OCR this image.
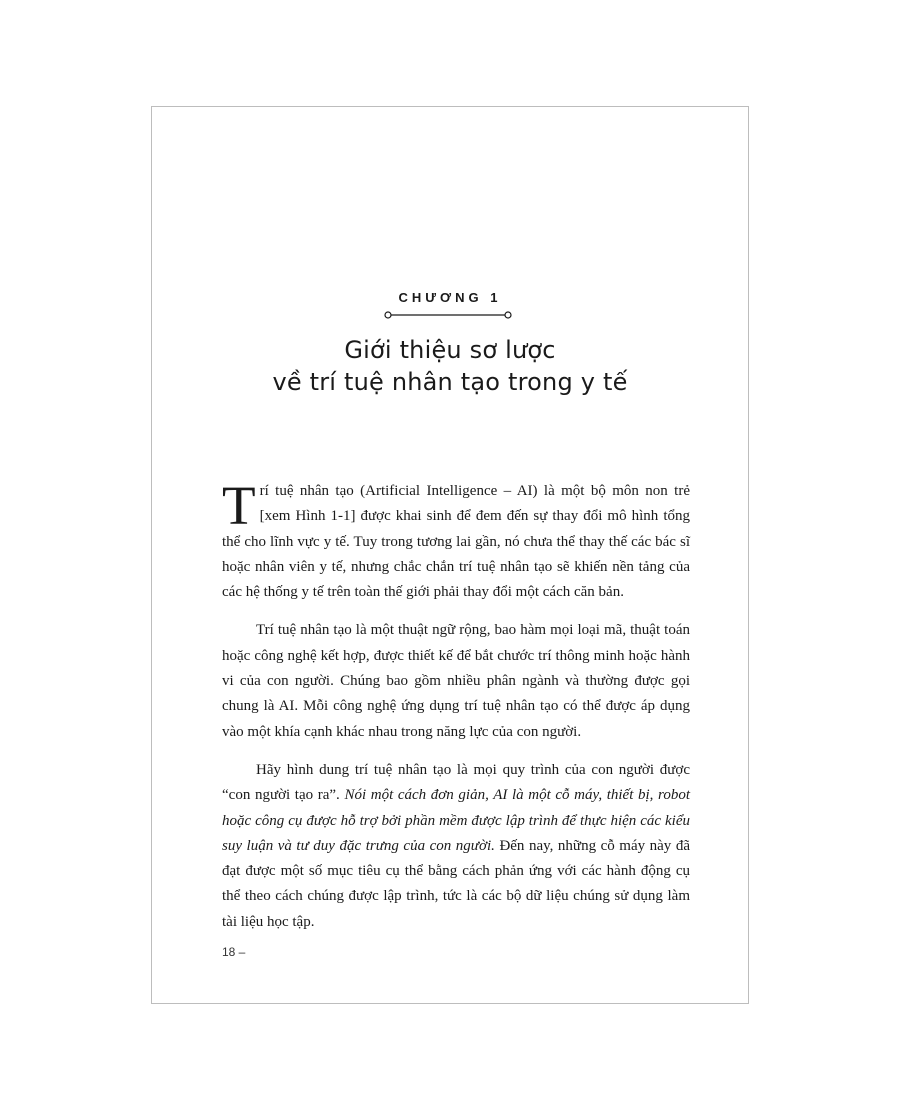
CHƯƠNG 1
Giới thiệu sơ lược
về trí tuệ nhân tạo trong y tế

Trí tuệ nhân tạo (Artificial Intelligence – AI) là một bộ môn non trẻ [xem Hình 1-1] được khai sinh để đem đến sự thay đổi mô hình tổng thể cho lĩnh vực y tế. Tuy trong tương lai gần, nó chưa thể thay thế các bác sĩ hoặc nhân viên y tế, nhưng chắc chắn trí tuệ nhân tạo sẽ khiến nền tảng của các hệ thống y tế trên toàn thế giới phải thay đổi một cách căn bản.

Trí tuệ nhân tạo là một thuật ngữ rộng, bao hàm mọi loại mã, thuật toán hoặc công nghệ kết hợp, được thiết kế để bắt chước trí thông minh hoặc hành vi của con người. Chúng bao gồm nhiều phân ngành và thường được gọi chung là AI. Mỗi công nghệ ứng dụng trí tuệ nhân tạo có thể được áp dụng vào một khía cạnh khác nhau trong năng lực của con người.

Hãy hình dung trí tuệ nhân tạo là mọi quy trình của con người được “con người tạo ra”. Nói một cách đơn giản, AI là một cỗ máy, thiết bị, robot hoặc công cụ được hỗ trợ bởi phần mềm được lập trình để thực hiện các kiểu suy luận và tư duy đặc trưng của con người. Đến nay, những cỗ máy này đã đạt được một số mục tiêu cụ thể bằng cách phản ứng với các hành động cụ thể theo cách chúng được lập trình, tức là các bộ dữ liệu chúng sử dụng làm tài liệu học tập.

18 –
